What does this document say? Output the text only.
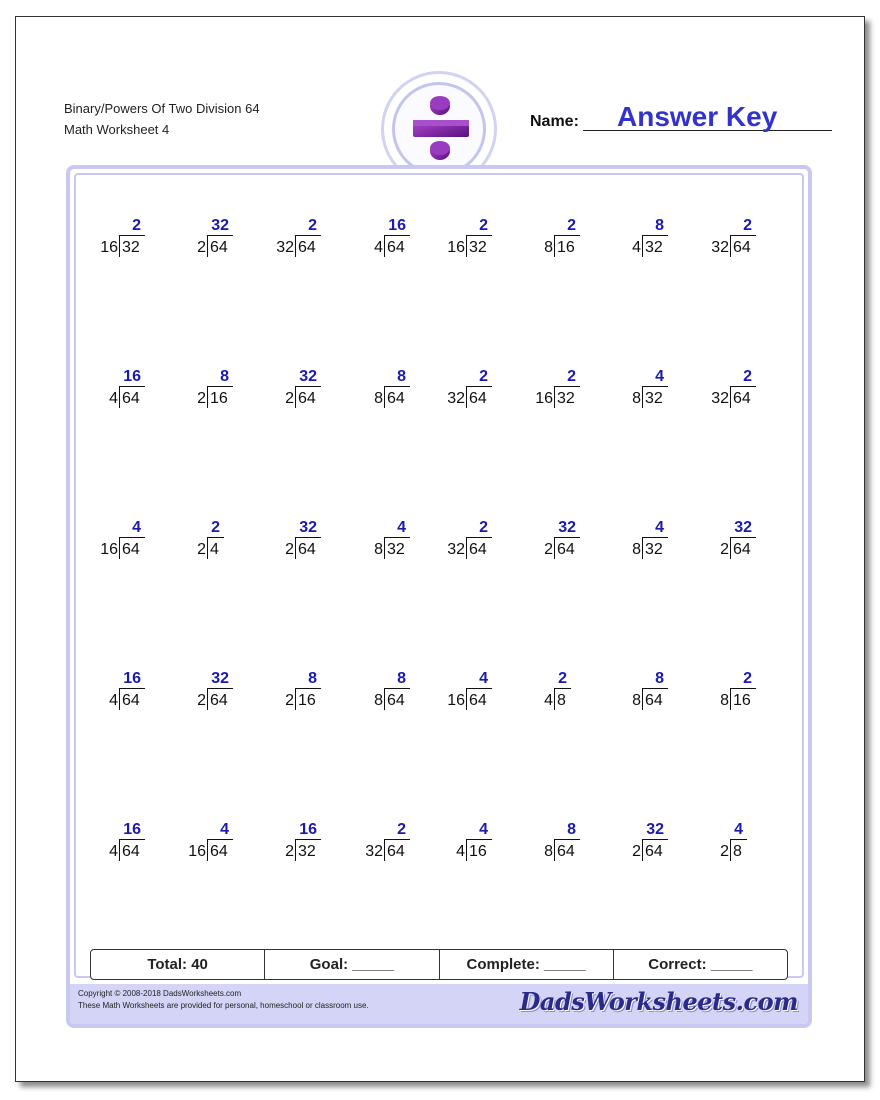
Binary/Powers Of Two Division 64
Math Worksheet 4	Name: Answer Key
2
16 32
32
2 64
2
32 64
16
4 64
2
16 32
2
8 16
8
4 32
2
32 64
16
4 64
8
2 16
32
2 64
8
8 64
2
32 64
2
16 32
4
8 32
2
32 64
4
16 64
2
2 4
32
2 64
4
8 32
2
32 64
32
2 64
4
8 32
32
2 64
16
4 64
32
2 64
8
2 16
8
8 64
4
16 64
2
4 8
8
8 64
2
8 16
16
4 64
4
16 64
16
2 32
2
32 64
4
4 16
8
8 64
32
2 64
4
2 8
Total: 40	Goal: _____	Complete: _____	Correct: _____
Copyright © 2008-2018 DadsWorksheets.com
These Math Worksheets are provided for personal, homeschool or classroom use.	DadsWorksheets.com
